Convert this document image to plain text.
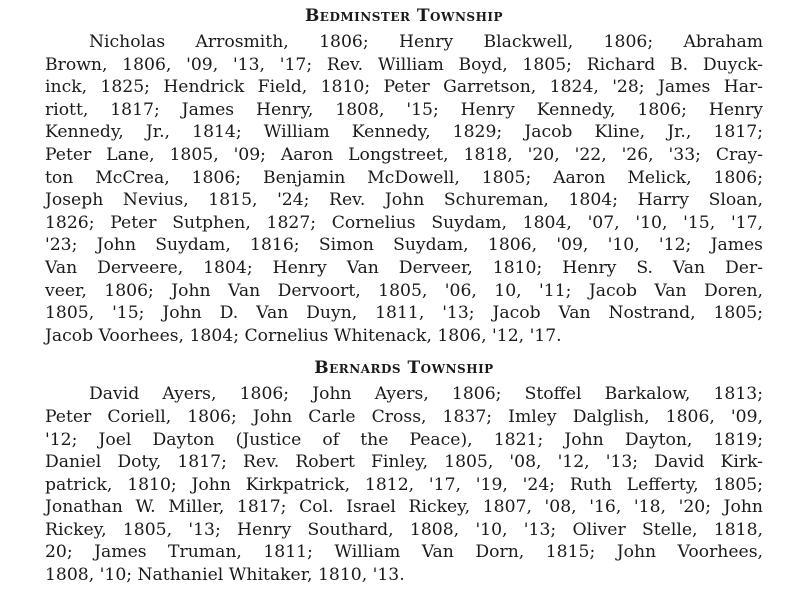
Bedminster Township

Nicholas Arrosmith, 1806; Henry Blackwell, 1806; Abraham
Brown, 1806, '09, '13, '17; Rev. William Boyd, 1805; Richard B. Duyck-
inck, 1825; Hendrick Field, 1810; Peter Garretson, 1824, '28; James Har-
riott, 1817; James Henry, 1808, '15; Henry Kennedy, 1806; Henry
Kennedy, Jr., 1814; William Kennedy, 1829; Jacob Kline, Jr., 1817;
Peter Lane, 1805, '09; Aaron Longstreet, 1818, '20, '22, '26, '33; Cray-
ton McCrea, 1806; Benjamin McDowell, 1805; Aaron Melick, 1806;
Joseph Nevius, 1815, '24; Rev. John Schureman, 1804; Harry Sloan,
1826; Peter Sutphen, 1827; Cornelius Suydam, 1804, '07, '10, '15, '17,
'23; John Suydam, 1816; Simon Suydam, 1806, '09, '10, '12; James
Van Derveere, 1804; Henry Van Derveer, 1810; Henry S. Van Der-
veer, 1806; John Van Dervoort, 1805, '06, 10, '11; Jacob Van Doren,
1805, '15; John D. Van Duyn, 1811, '13; Jacob Van Nostrand, 1805;
Jacob Voorhees, 1804; Cornelius Whitenack, 1806, '12, '17.

Bernards Township

David Ayers, 1806; John Ayers, 1806; Stoffel Barkalow, 1813;
Peter Coriell, 1806; John Carle Cross, 1837; Imley Dalglish, 1806, '09,
'12; Joel Dayton (Justice of the Peace), 1821; John Dayton, 1819;
Daniel Doty, 1817; Rev. Robert Finley, 1805, '08, '12, '13; David Kirk-
patrick, 1810; John Kirkpatrick, 1812, '17, '19, '24; Ruth Lefferty, 1805;
Jonathan W. Miller, 1817; Col. Israel Rickey, 1807, '08, '16, '18, '20; John
Rickey, 1805, '13; Henry Southard, 1808, '10, '13; Oliver Stelle, 1818,
20; James Truman, 1811; William Van Dorn, 1815; John Voorhees,
1808, '10; Nathaniel Whitaker, 1810, '13.
